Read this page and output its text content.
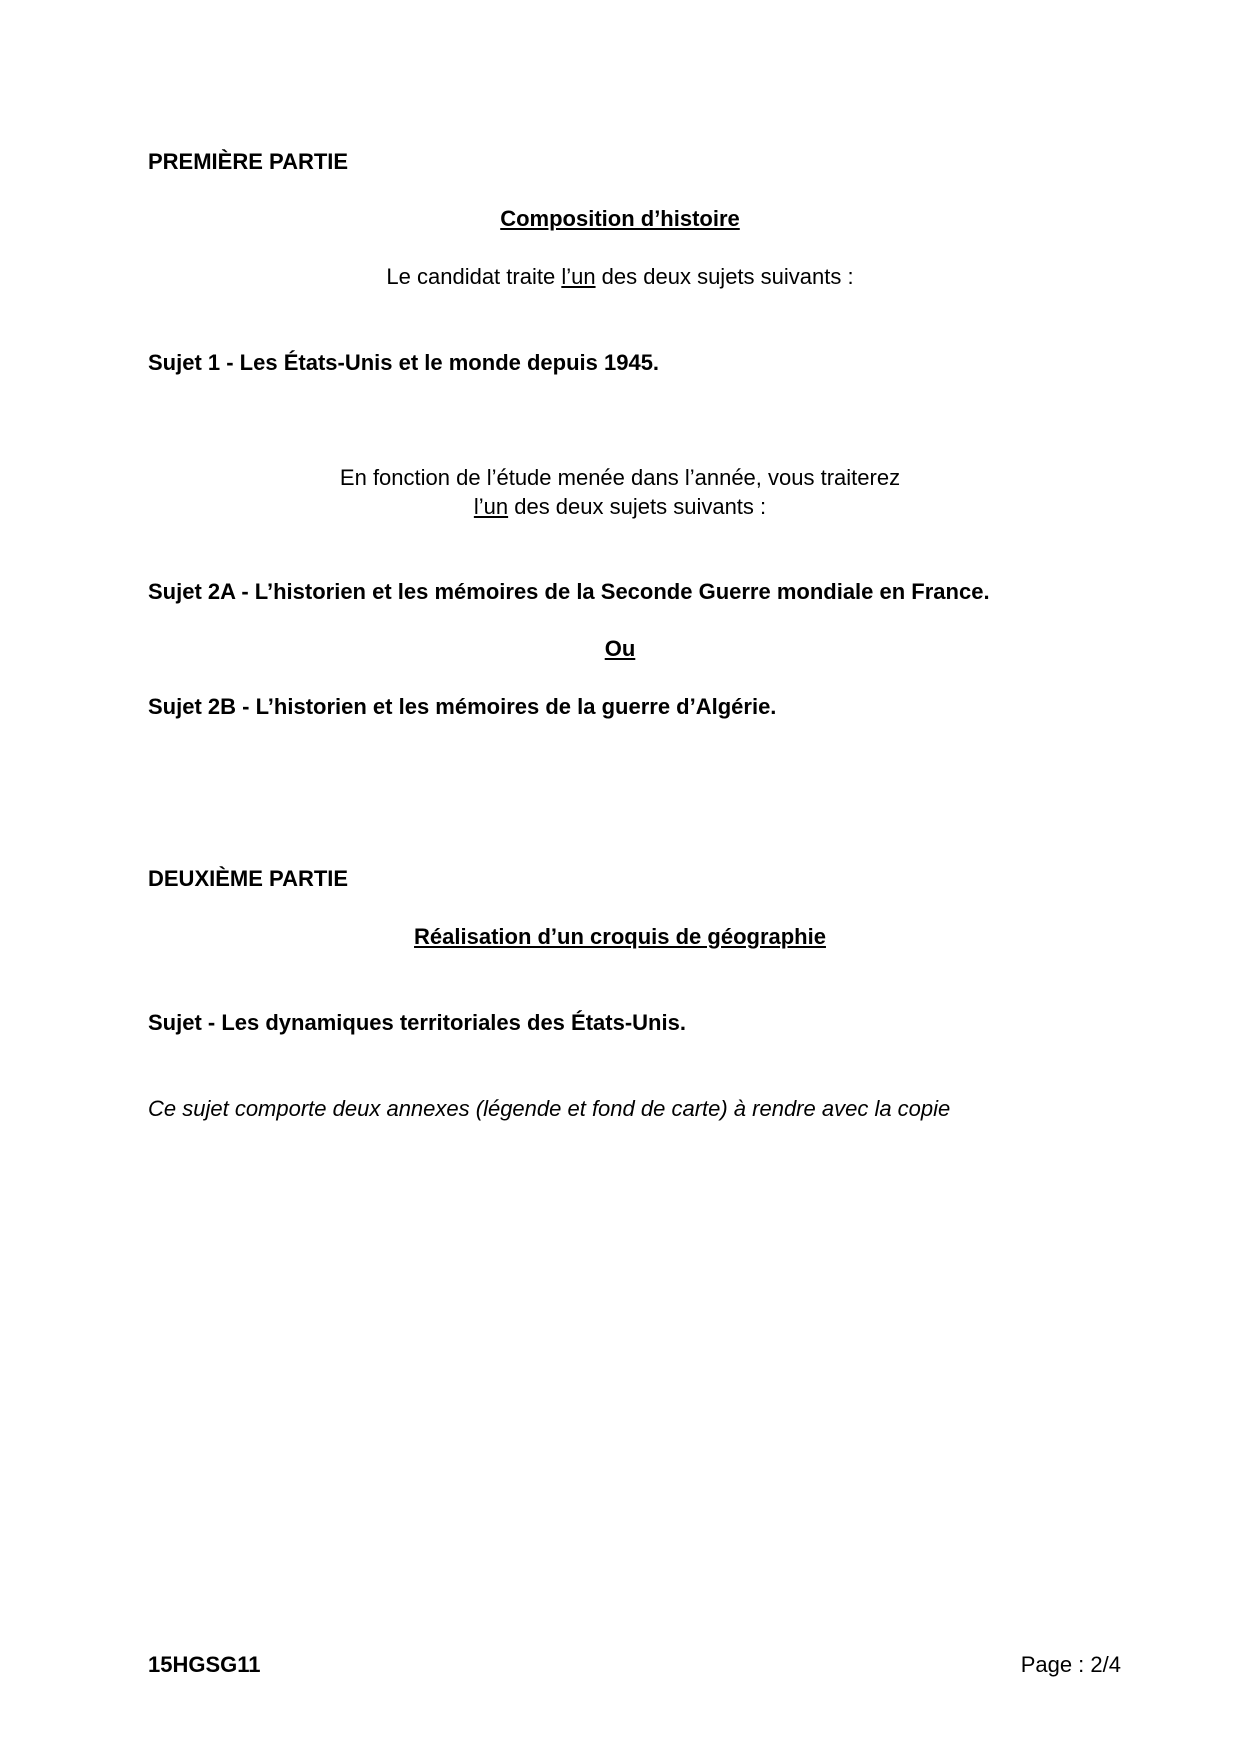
PREMIÈRE PARTIE
Composition d’histoire
Le candidat traite l’un des deux sujets suivants :
Sujet 1 - Les États-Unis et le monde depuis 1945.
En fonction de l’étude menée dans l’année, vous traiterez
l’un des deux sujets suivants :
Sujet 2A - L’historien et les mémoires de la Seconde Guerre mondiale en France.
Ou
Sujet 2B - L’historien et les mémoires de la guerre d’Algérie.
DEUXIÈME PARTIE
Réalisation d’un croquis de géographie
Sujet - Les dynamiques territoriales des États-Unis.
Ce sujet comporte deux annexes (légende et fond de carte) à rendre avec la copie
15HGSG11	Page : 2/4
